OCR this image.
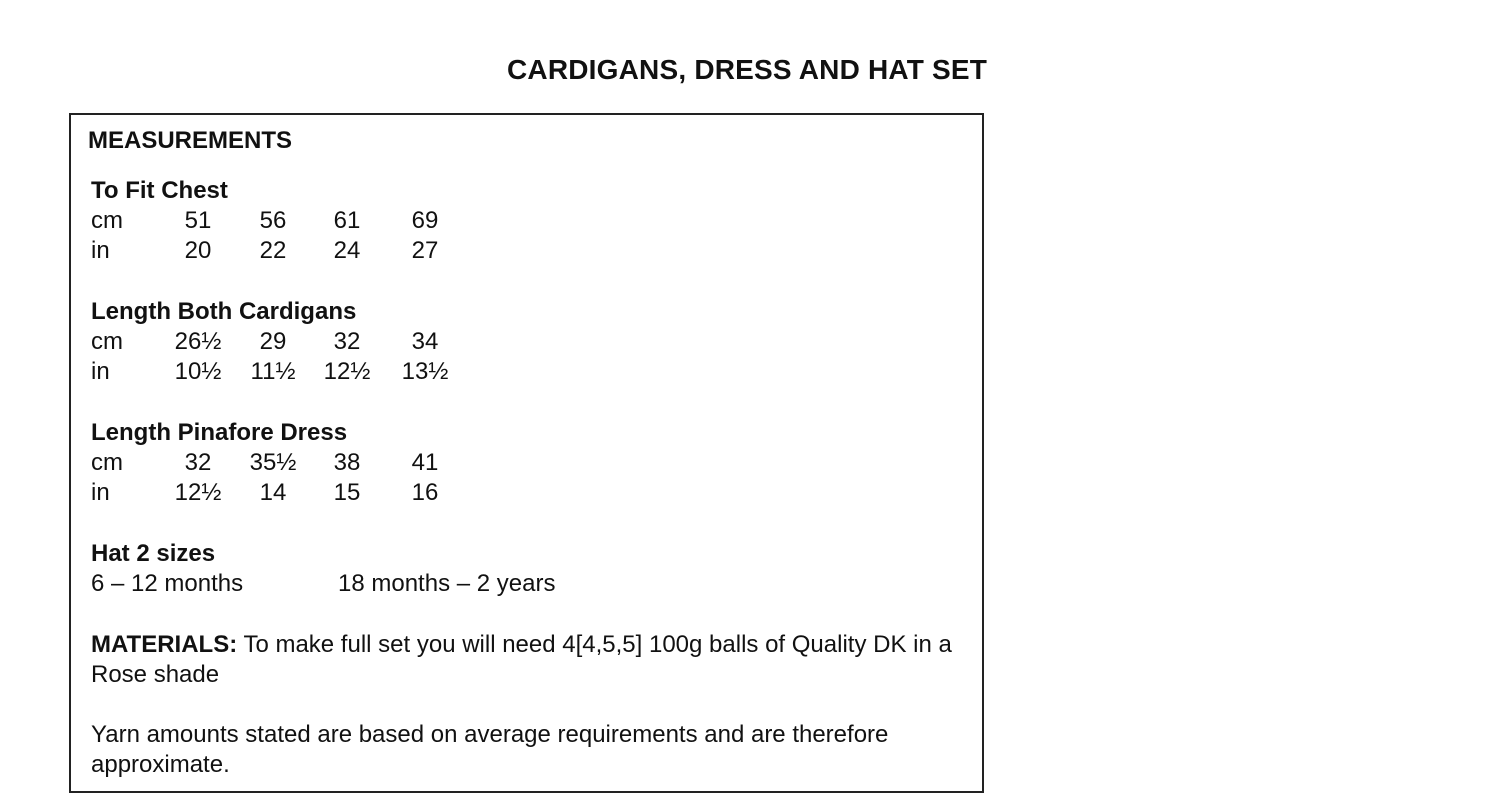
CARDIGANS, DRESS AND HAT SET
MEASUREMENTS
To Fit Chest
cm	51	56	61	69
in	20	22	24	27
Length Both Cardigans
cm	26½	29	32	34
in	10½	11½	12½	13½
Length Pinafore Dress
cm	32	35½	38	41
in	12½	14	15	16
Hat 2 sizes
6 – 12 months	18 months – 2 years
MATERIALS: To make full set you will need 4[4,5,5] 100g balls of Quality DK in a Rose shade
Yarn amounts stated are based on average requirements and are therefore approximate.
